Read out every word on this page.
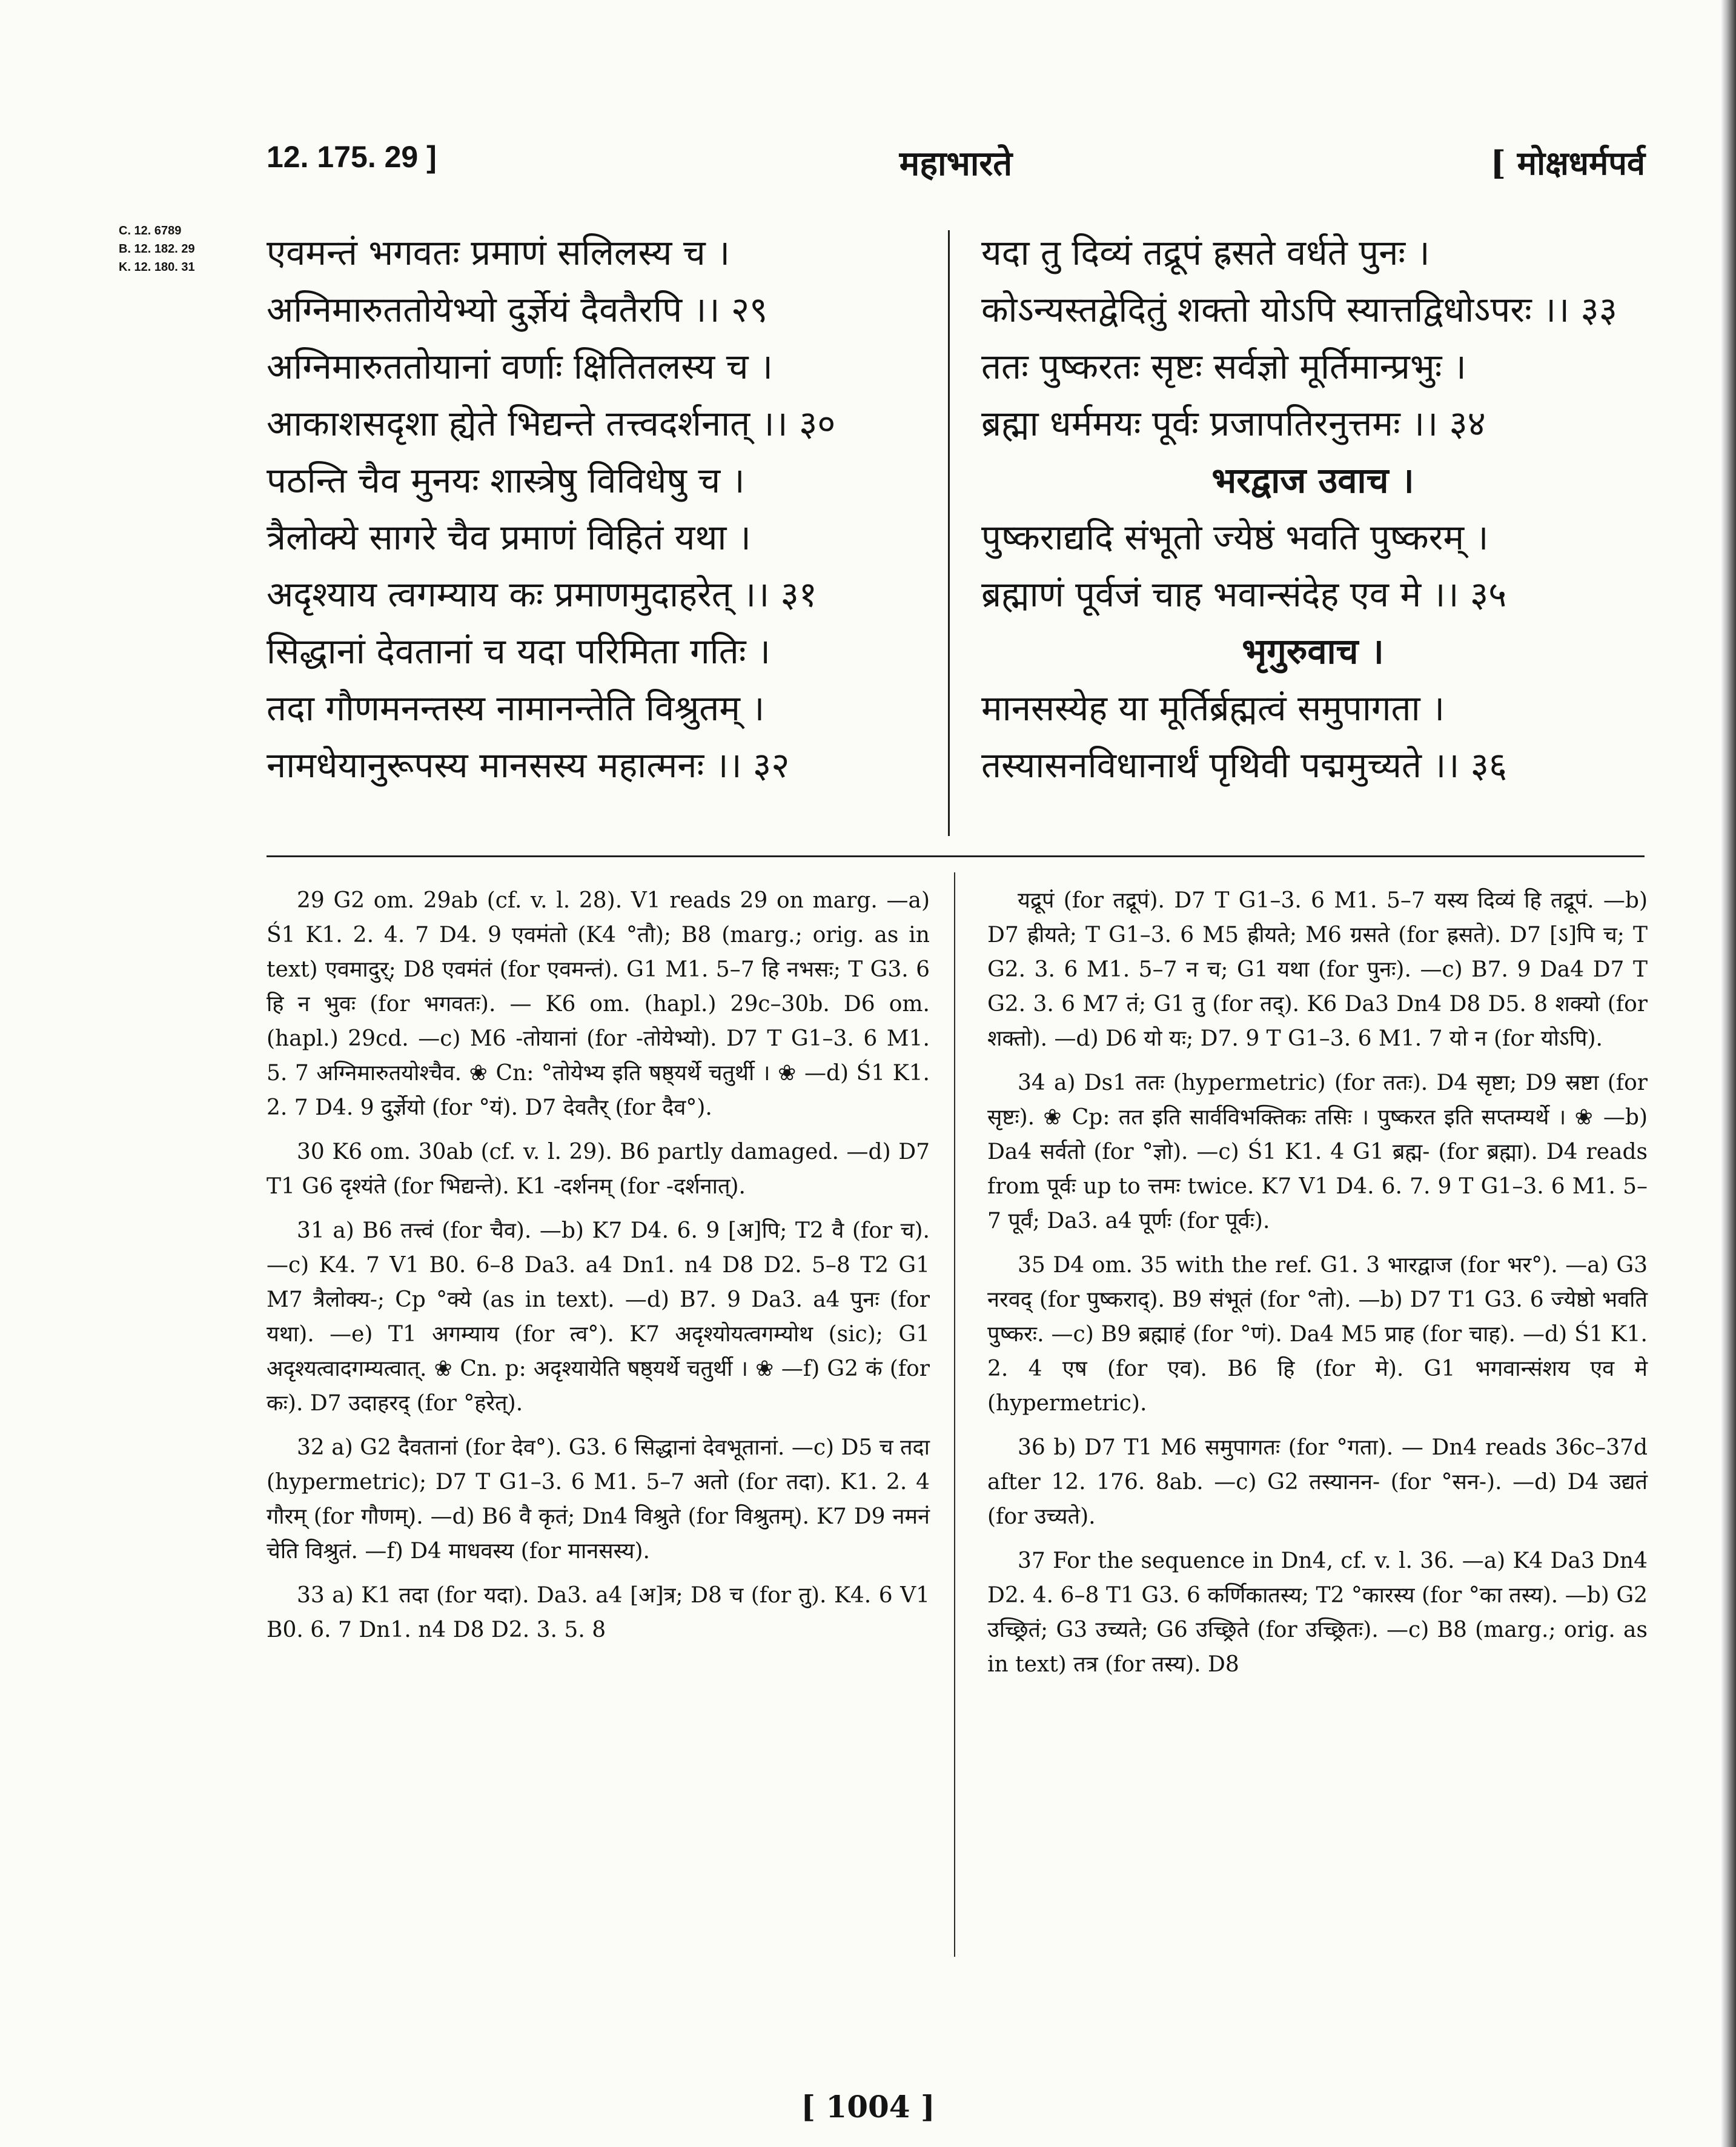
12. 175. 29 ]	महाभारते	[ मोक्षधर्मपर्व
C. 12. 6789
B. 12. 182. 29
K. 12. 180. 31 एवमन्तं भगवतः प्रमाणं सलिलस्य च ।
अग्निमारुततोयेभ्यो दुर्ज्ञेयं दैवतैरपि ।। २९
अग्निमारुततोयानां वर्णाः क्षितितलस्य च ।
आकाशसदृशा ह्येते भिद्यन्ते तत्त्वदर्शनात् ।। ३०
पठन्ति चैव मुनयः शास्त्रेषु विविधेषु च ।
त्रैलोक्ये सागरे चैव प्रमाणं विहितं यथा ।
अदृश्याय त्वगम्याय कः प्रमाणमुदाहरेत् ।। ३१
सिद्धानां देवतानां च यदा परिमिता गतिः ।
तदा गौणमनन्तस्य नामानन्तेति विश्रुतम् ।
नामधेयानुरूपस्य मानसस्य महात्मनः ।। ३२
यदा तु दिव्यं तद्रूपं ह्रसते वर्धते पुनः ।
कोऽन्यस्तद्वेदितुं शक्तो योऽपि स्यात्तद्विधोऽपरः ।। ३३
ततः पुष्करतः सृष्टः सर्वज्ञो मूर्तिमान्प्रभुः ।
ब्रह्मा धर्ममयः पूर्वः प्रजापतिरनुत्तमः ।। ३४
भरद्वाज उवाच ।
पुष्कराद्यदि संभूतो ज्येष्ठं भवति पुष्करम् ।
ब्रह्माणं पूर्वजं चाह भवान्संदेह एव मे ।। ३५
भृगुरुवाच ।
मानसस्येह या मूर्तिर्ब्रह्मत्वं समुपागता ।
तस्यासनविधानार्थं पृथिवी पद्ममुच्यते ।। ३६
29 G2 om. 29ab (cf. v. l. 28). V1 reads 29 on marg. —a) Ś1 K1. 2. 4. 7 D4. 9 एवमंतो (K4 °तौ); B8 (marg.; orig. as in text) एवमादुर्; D8 एवमंतं (for एवमन्तं). G1 M1. 5–7 हि नभसः; T G3. 6 हि न भुवः (for भगवतः). — K6 om. (hapl.) 29c–30b. D6 om. (hapl.) 29cd. —c) M6 -तोयानां (for -तोयेभ्यो). D7 T G1–3. 6 M1. 5. 7 अग्निमारुतयोश्चैव. ❀ Cn: °तोयेभ्य इति षष्ठ्यर्थे चतुर्थी । ❀ —d) Ś1 K1. 2. 7 D4. 9 दुर्ज्ञेयो (for °यं). D7 देवतैर् (for दैव°).
30 K6 om. 30ab (cf. v. l. 29). B6 partly damaged. —d) D7 T1 G6 दृश्यंते (for भिद्यन्ते). K1 -दर्शनम् (for -दर्शनात्).
31 a) B6 तत्त्वं (for चैव). —b) K7 D4. 6. 9 [अ]पि; T2 वै (for च). —c) K4. 7 V1 B0. 6–8 Da3. a4 Dn1. n4 D8 D2. 5–8 T2 G1 M7 त्रैलोक्य-; Cp °क्ये (as in text). —d) B7. 9 Da3. a4 पुनः (for यथा). —e) T1 अगम्याय (for त्व°). K7 अदृश्योयत्वगम्योथ (sic); G1 अदृश्यत्वादगम्यत्वात्. ❀ Cn. p: अदृश्यायेति षष्ठ्यर्थे चतुर्थी । ❀ —f) G2 कं (for कः). D7 उदाहरद् (for °हरेत्).
32 a) G2 दैवतानां (for देव°). G3. 6 सिद्धानां देवभूतानां. —c) D5 च तदा (hypermetric); D7 T G1–3. 6 M1. 5–7 अतो (for तदा). K1. 2. 4 गौरम् (for गौणम्). —d) B6 वै कृतं; Dn4 विश्रुते (for विश्रुतम्). K7 D9 नमनं चेति विश्रुतं. —f) D4 माधवस्य (for मानसस्य).
33 a) K1 तदा (for यदा). Da3. a4 [अ]त्र; D8 च (for तु). K4. 6 V1 B0. 6. 7 Dn1. n4 D8 D2. 3. 5. 8
यद्रूपं (for तद्रूपं). D7 T G1–3. 6 M1. 5–7 यस्य दिव्यं हि तद्रूपं. —b) D7 ह्रीयते; T G1–3. 6 M5 ह्रीयते; M6 ग्रसते (for ह्रसते). D7 [ऽ]पि च; T G2. 3. 6 M1. 5–7 न च; G1 यथा (for पुनः). —c) B7. 9 Da4 D7 T G2. 3. 6 M7 तं; G1 तु (for तद्). K6 Da3 Dn4 D8 D5. 8 शक्यो (for शक्तो). —d) D6 यो यः; D7. 9 T G1–3. 6 M1. 7 यो न (for योऽपि).
34 a) Ds1 ततः (hypermetric) (for ततः). D4 सृष्टा; D9 स्रष्टा (for सृष्टः). ❀ Cp: तत इति सार्वविभक्तिकः तसिः । पुष्करत इति सप्तम्यर्थे । ❀ —b) Da4 सर्वतो (for °ज्ञो). —c) Ś1 K1. 4 G1 ब्रह्म- (for ब्रह्मा). D4 reads from पूर्वः up to त्तमः twice. K7 V1 D4. 6. 7. 9 T G1–3. 6 M1. 5–7 पूर्वं; Da3. a4 पूर्णः (for पूर्वः).
35 D4 om. 35 with the ref. G1. 3 भारद्वाज (for भर°). —a) G3 नरवद् (for पुष्कराद्). B9 संभूतं (for °तो). —b) D7 T1 G3. 6 ज्येष्ठो भवति पुष्करः. —c) B9 ब्रह्माहं (for °णं). Da4 M5 प्राह (for चाह). —d) Ś1 K1. 2. 4 एष (for एव). B6 हि (for मे). G1 भगवान्संशय एव मे (hypermetric).
36 b) D7 T1 M6 समुपागतः (for °गता). — Dn4 reads 36c–37d after 12. 176. 8ab. —c) G2 तस्यानन- (for °सन-). —d) D4 उद्यतं (for उच्यते).
37 For the sequence in Dn4, cf. v. l. 36. —a) K4 Da3 Dn4 D2. 4. 6–8 T1 G3. 6 कर्णिकातस्य; T2 °कारस्य (for °का तस्य). —b) G2 उच्छ्रितं; G3 उच्यते; G6 उच्छ्रिते (for उच्छ्रितः). —c) B8 (marg.; orig. as in text) तत्र (for तस्य). D8
[ 1004 ]
